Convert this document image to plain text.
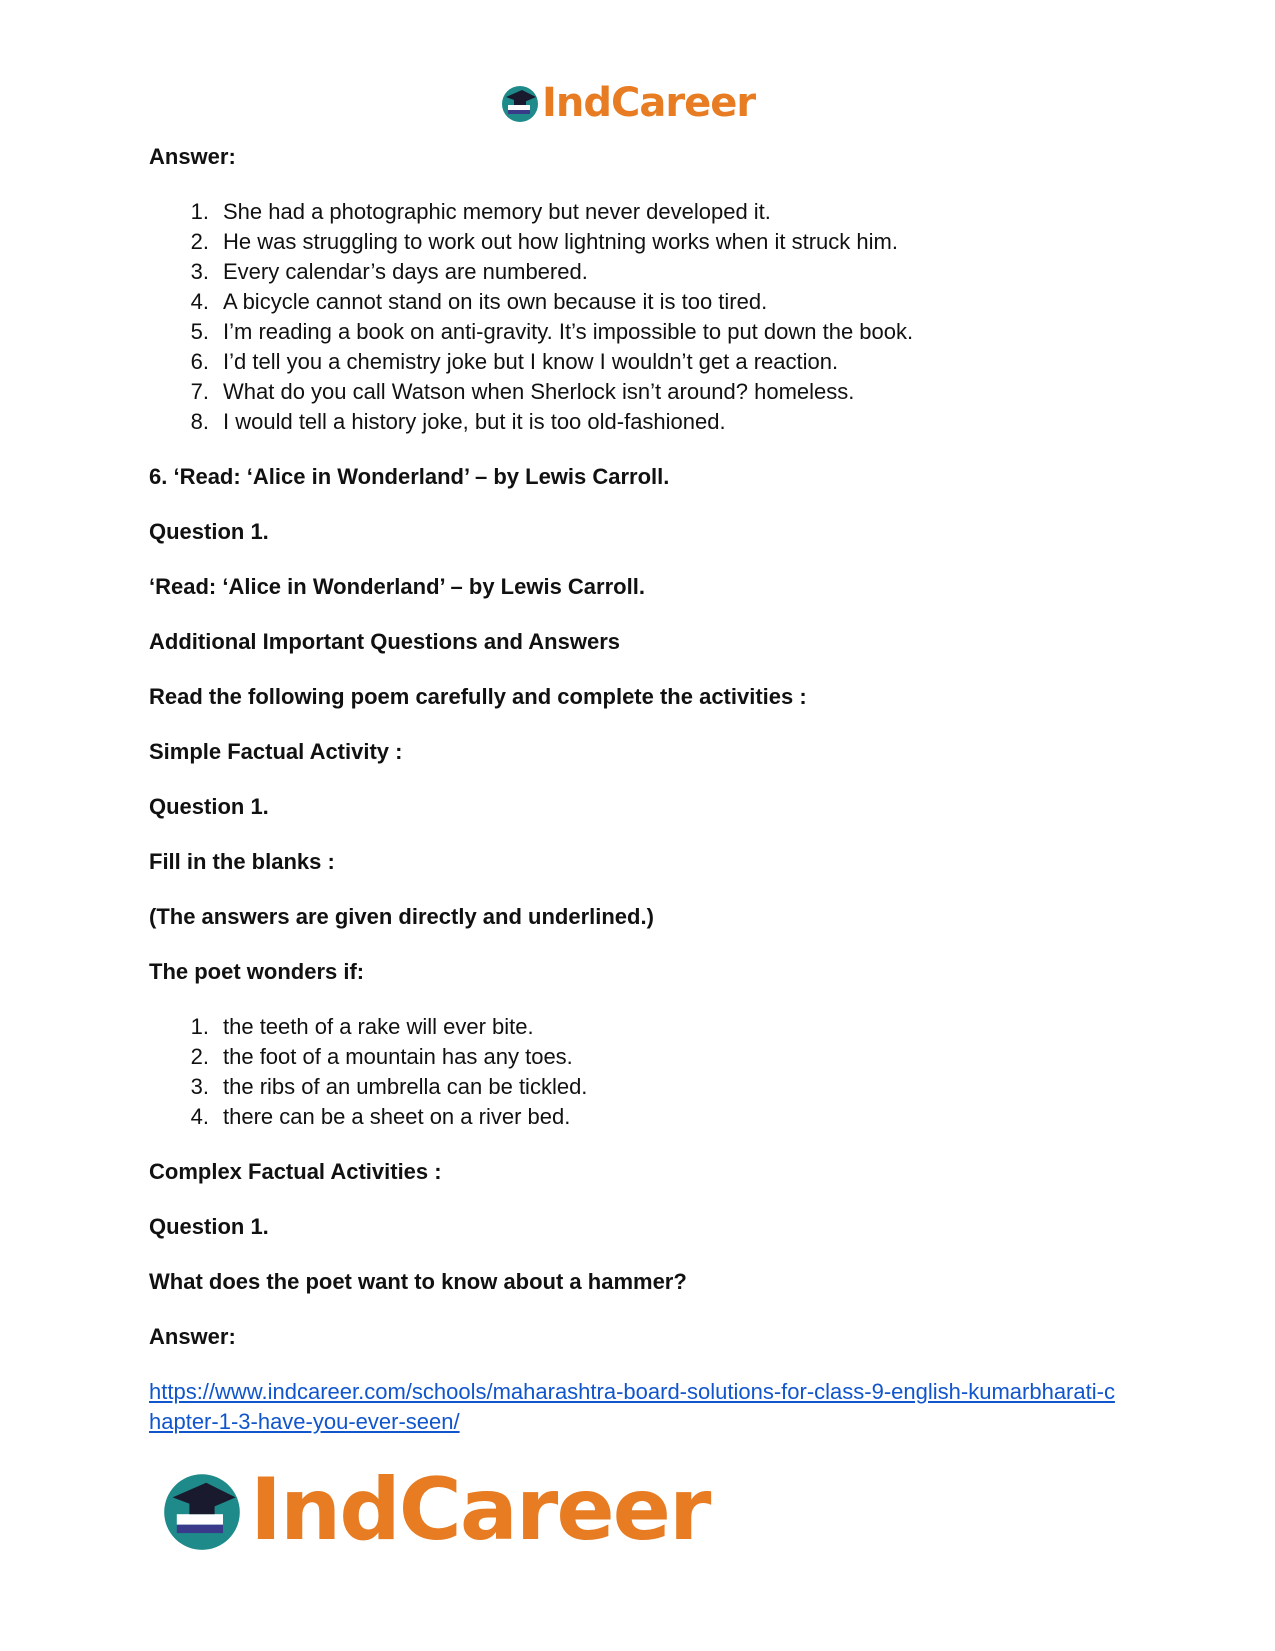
IndCareer
Answer:
1. She had a photographic memory but never developed it.
2. He was struggling to work out how lightning works when it struck him.
3. Every calendar’s days are numbered.
4. A bicycle cannot stand on its own because it is too tired.
5. I’m reading a book on anti-gravity. It’s impossible to put down the book.
6. I’d tell you a chemistry joke but I know I wouldn’t get a reaction.
7. What do you call Watson when Sherlock isn’t around? homeless.
8. I would tell a history joke, but it is too old-fashioned.
6. ‘Read: ‘Alice in Wonderland’ – by Lewis Carroll.
Question 1.
‘Read: ‘Alice in Wonderland’ – by Lewis Carroll.
Additional Important Questions and Answers
Read the following poem carefully and complete the activities :
Simple Factual Activity :
Question 1.
Fill in the blanks :
(The answers are given directly and underlined.)
The poet wonders if:
1. the teeth of a rake will ever bite.
2. the foot of a mountain has any toes.
3. the ribs of an umbrella can be tickled.
4. there can be a sheet on a river bed.
Complex Factual Activities :
Question 1.
What does the poet want to know about a hammer?
Answer:
https://www.indcareer.com/schools/maharashtra-board-solutions-for-class-9-english-kumarbharati-chapter-1-3-have-you-ever-seen/
IndCareer
